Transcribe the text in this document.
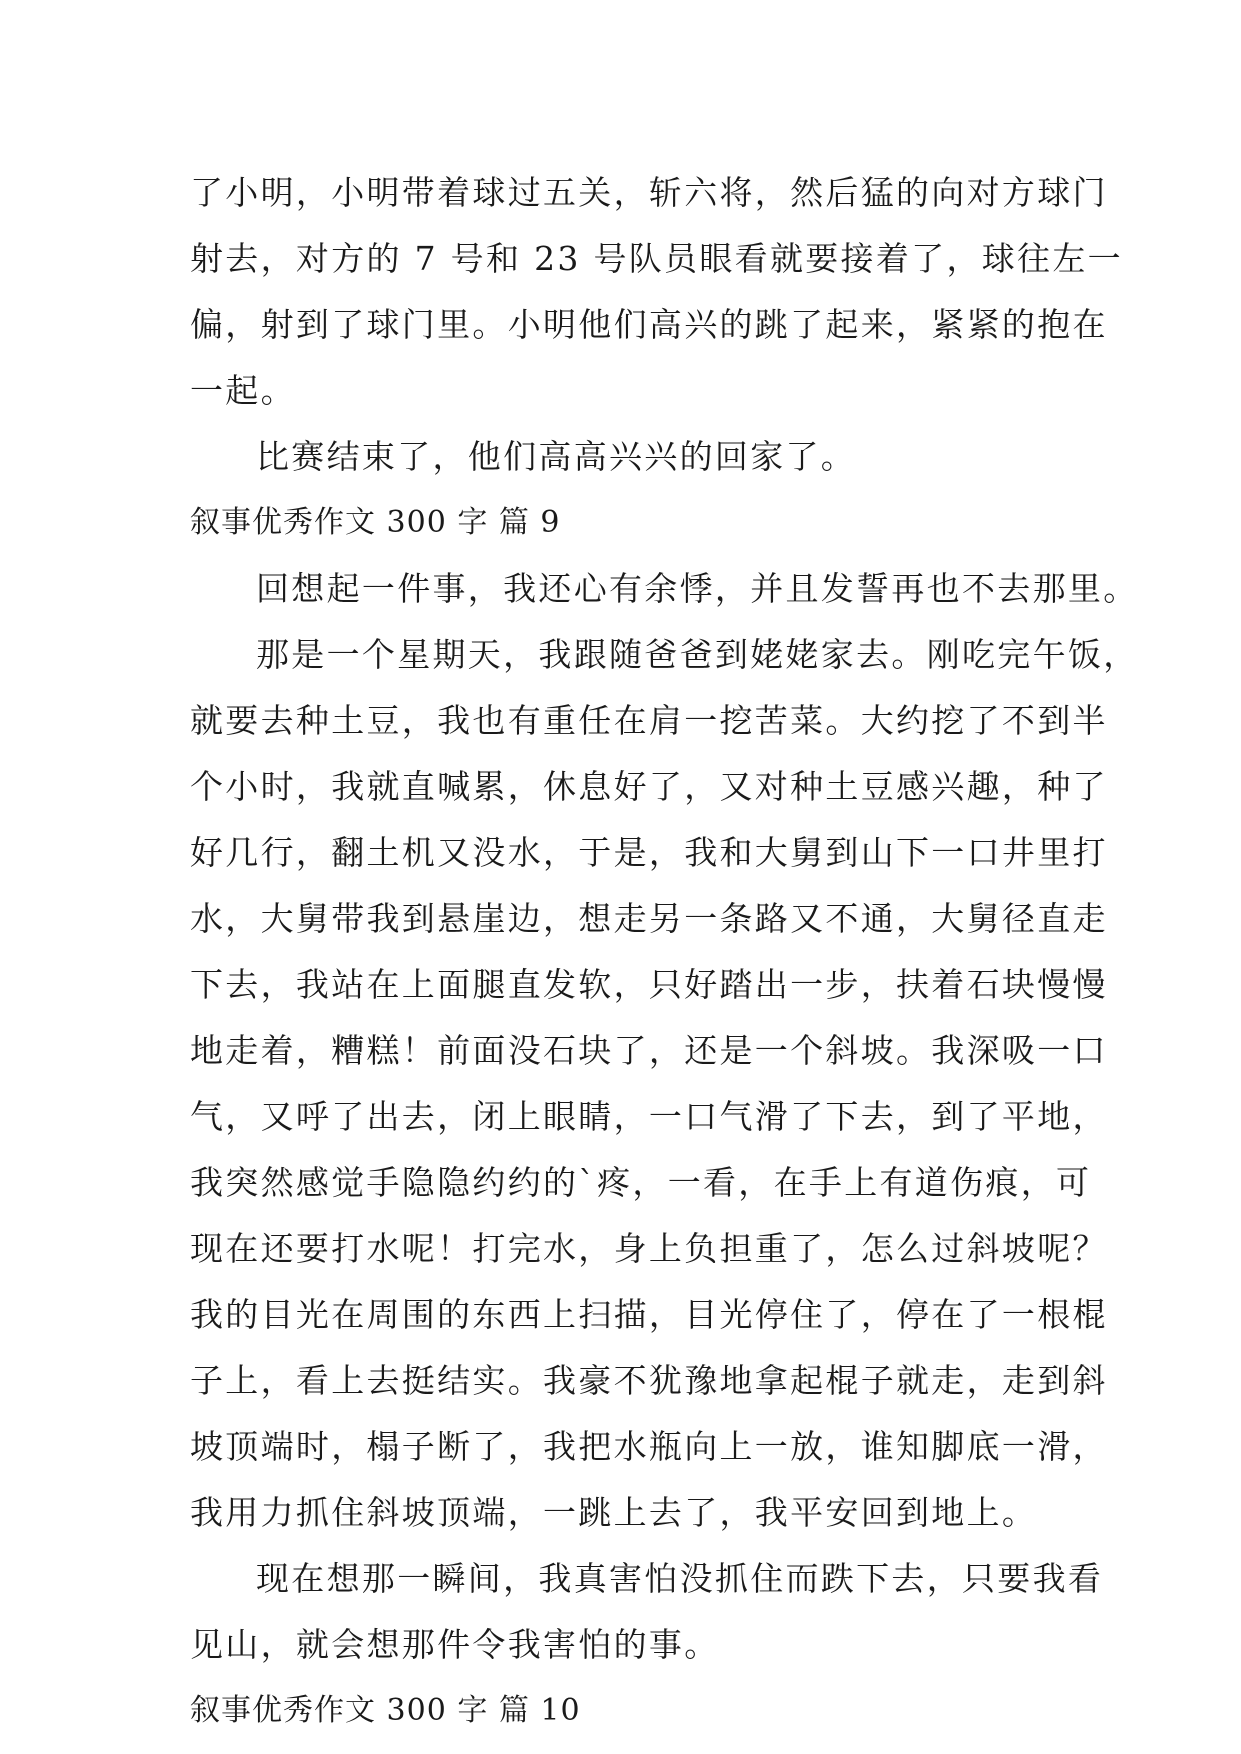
了小明，小明带着球过五关，斩六将，然后猛的向对方球门
射去，对方的 7 号和 23 号队员眼看就要接着了，球往左一
偏，射到了球门里。小明他们高兴的跳了起来，紧紧的抱在
一起。
比赛结束了，他们高高兴兴的回家了。
叙事优秀作文 300 字 篇 9
回想起一件事，我还心有余悸，并且发誓再也不去那里。
那是一个星期天，我跟随爸爸到姥姥家去。刚吃完午饭，
就要去种土豆，我也有重任在肩一挖苦菜。大约挖了不到半
个小时，我就直喊累，休息好了，又对种土豆感兴趣，种了
好几行，翻土机又没水，于是，我和大舅到山下一口井里打
水，大舅带我到悬崖边，想走另一条路又不通，大舅径直走
下去，我站在上面腿直发软，只好踏出一步，扶着石块慢慢
地走着，糟糕！前面没石块了，还是一个斜坡。我深吸一口
气，又呼了出去，闭上眼睛，一口气滑了下去，到了平地，
我突然感觉手隐隐约约的`疼，一看，在手上有道伤痕，可
现在还要打水呢！打完水，身上负担重了，怎么过斜坡呢？
我的目光在周围的东西上扫描，目光停住了，停在了一根棍
子上，看上去挺结实。我豪不犹豫地拿起棍子就走，走到斜
坡顶端时，榻子断了，我把水瓶向上一放，谁知脚底一滑，
我用力抓住斜坡顶端，一跳上去了，我平安回到地上。
现在想那一瞬间，我真害怕没抓住而跌下去，只要我看
见山，就会想那件令我害怕的事。
叙事优秀作文 300 字 篇 10
